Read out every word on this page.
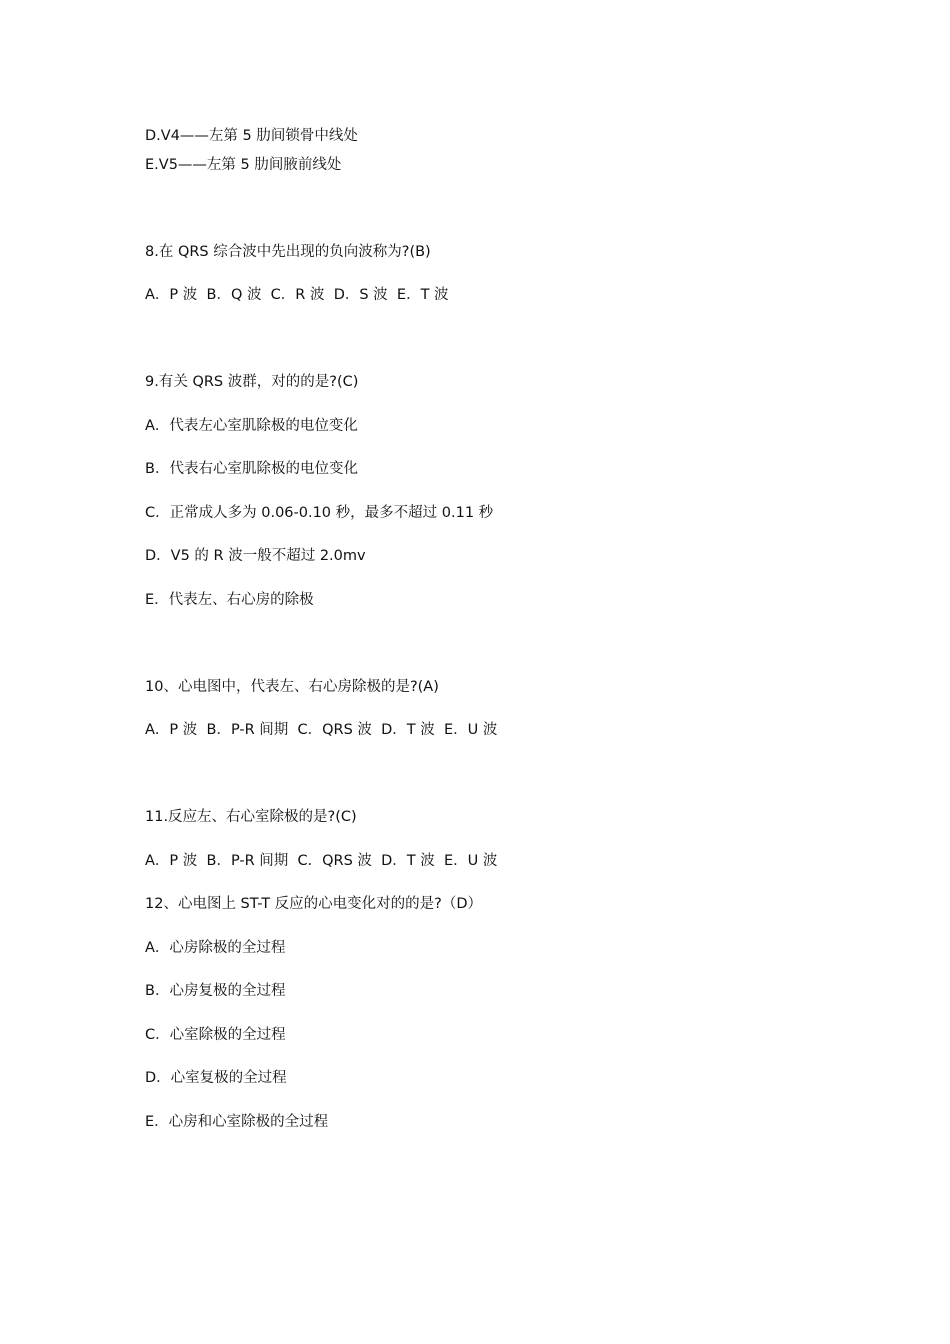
D.V4——左第 5 肋间锁骨中线处
E.V5——左第 5 肋间腋前线处
8.在 QRS 综合波中先出现的负向波称为?(B)
A．P 波  B．Q 波  C．R 波  D．S 波  E．T 波
9.有关 QRS 波群，对的的是?(C)
A．代表左心室肌除极的电位变化
B．代表右心室肌除极的电位变化
C．正常成人多为 0.06-0.10 秒，最多不超过 0.11 秒
D．V5 的 R 波一般不超过 2.0mv
E．代表左、右心房的除极
10、心电图中，代表左、右心房除极的是?(A)
A．P 波  B．P-R 间期  C．QRS 波  D．T 波  E．U 波
11.反应左、右心室除极的是?(C)
A．P 波  B．P-R 间期  C．QRS 波  D．T 波  E．U 波
12、心电图上 ST-T 反应的心电变化对的的是?（D）
A．心房除极的全过程
B．心房复极的全过程
C．心室除极的全过程
D．心室复极的全过程
E．心房和心室除极的全过程
